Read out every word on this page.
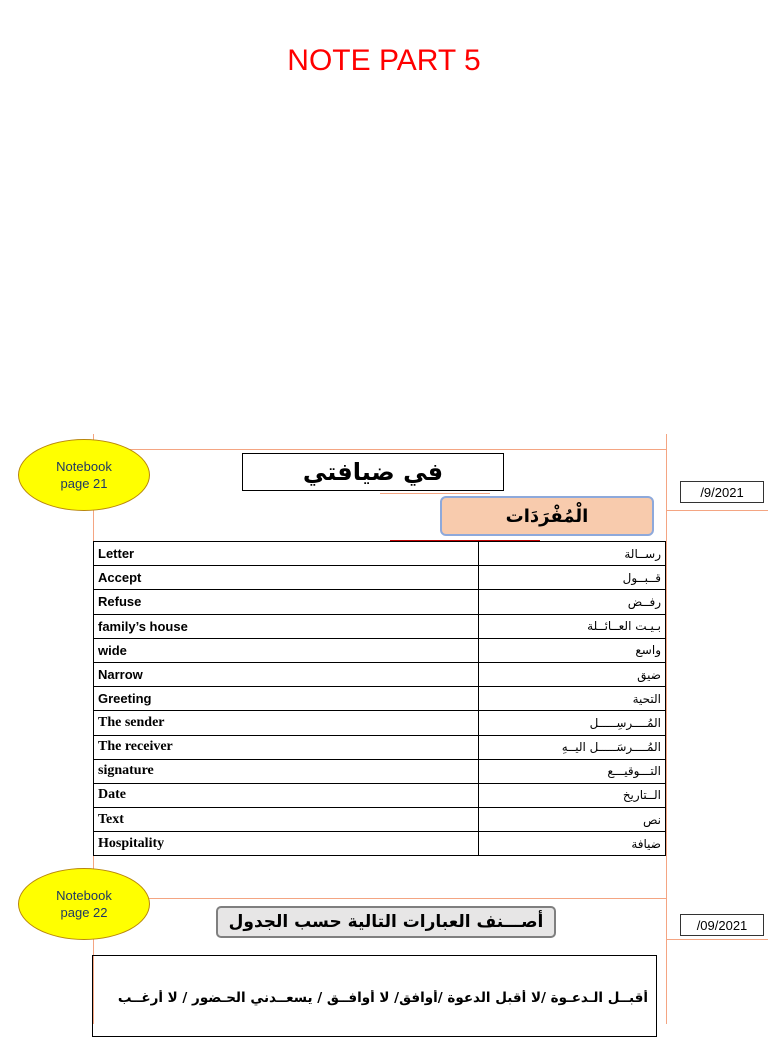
NOTE PART 5
Notebook
page 21
/9/2021
في ضيافتي
الْمُفْرَدَات
Letter	رســالة
Accept	قــبــول
Refuse	رفــض
family’s house	بـيـت العــائــلة
wide	واسع
Narrow	ضيق
Greeting	التحية
The sender	المُــــرسِـــــل
The receiver	المُــــرسَـــــل اليــهِ
signature	التـــوقيـــع
Date	الــتاريخ
Text	نص
Hospitality	ضيافة
Notebook
page 22
/09/2021
أصـــنف العبارات التالية حسب الجدول
أقبــل الـدعـوة /لا أقبل الدعوة /أوافق/ لا أوافــق / يسعــدني الحـضور / لا أرغــب
